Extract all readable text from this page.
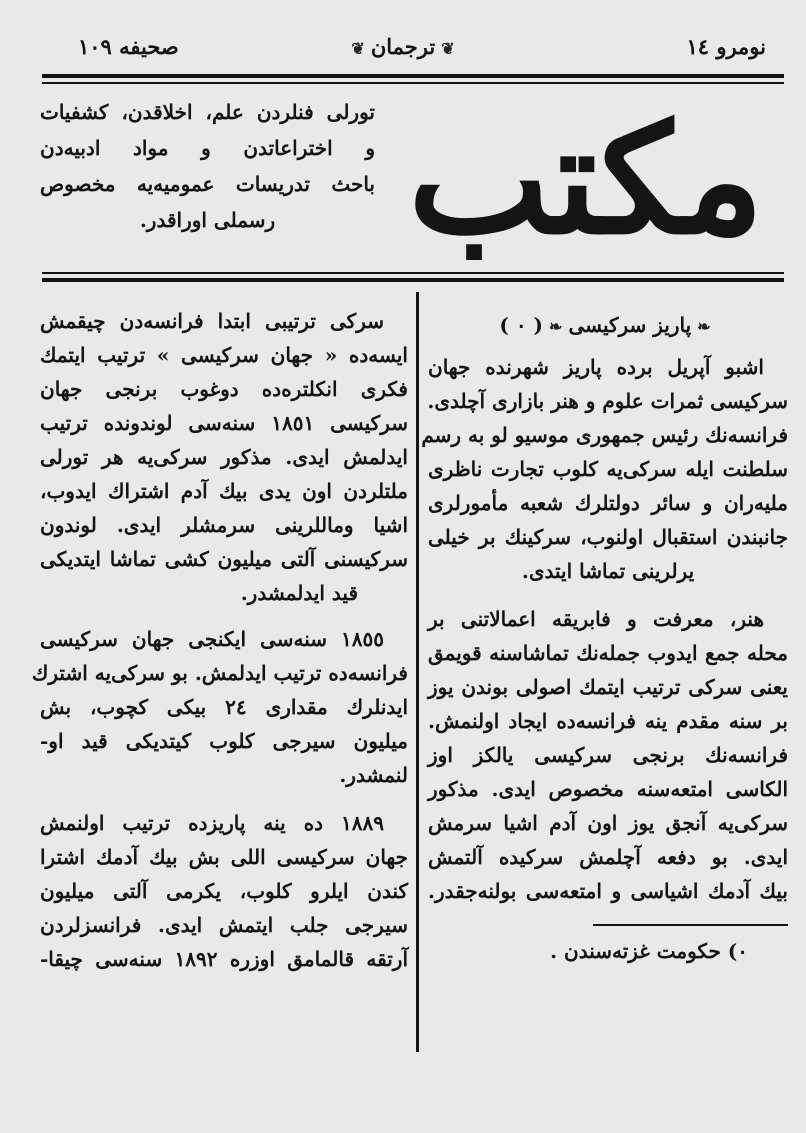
نومرو ١٤
❦ترجمان❦
صحيفه ١٠٩
مكتب
تورلی فنلردن علم، اخلاقدن، کشفیات
و اختراعاتدن و مواد ادبیه‌دن
باحث تدریسات عمومیه‌یه مخصوص
رسملی اوراقدر.
❧پاریز سرکیسی❧( ٠ )
اشبو آپریل برده پاریز شهرنده جهان
سرکیسی ثمرات علوم و هنر بازاری آچلدی.
فرانسه‌نك رئیس جمهوری موسیو لو به رسم
سلطنت ایله سرکی‌یه کلوب تجارت ناظری
ملیه‌ران و سائر دولتلرك شعبه مأمورلری
جانبندن استقبال اولنوب، سرکینك بر خیلی
یرلرینی تماشا ایتدی.
هنر، معرفت و فابریقه اعمالاتنی بر
محله جمع ایدوب جمله‌نك تماشاسنه قویمق
یعنی سرکی ترتیب ایتمك اصولی بوندن یوز
بر سنه مقدم ینه فرانسه‌ده ایجاد اولنمش.
فرانسه‌نك برنجی سرکیسی یالکز اوز
الکاسی امتعه‌سنه مخصوص ایدی. مذکور
سرکی‌یه آنجق یوز اون آدم اشیا سرمش
ایدی. بو دفعه آچلمش سرکیده آلتمش
بیك آدمك اشیاسی و امتعه‌سی بولنه‌جقدر.
٠) حکومت غزته‌سندن .
سرکی ترتیبی ابتدا فرانسه‌دن چیقمش
ایسه‌ده « جهان سرکیسی » ترتیب ایتمك
فکری انکلتره‌ده دوغوب برنجی جهان
سرکیسی ١٨٥١ سنه‌سی لوندونده ترتیب
ایدلمش ایدی. مذکور سرکی‌یه هر تورلی
ملتلردن اون یدی بیك آدم اشتراك ایدوب،
اشیا وماللرینی سرمشلر ایدی. لوندون
سرکیسنی آلتی میلیون کشی تماشا ایتدیکی
قید ایدلمشدر.
١٨٥٥ سنه‌سی ایکنجی جهان سرکیسی
فرانسه‌ده ترتیب ایدلمش. بو سرکی‌یه اشترك
ایدنلرك مقداری ٢٤ بیکی کچوب، بش
میلیون سیرجی کلوب کیتدیکی قید او-
لنمشدر.
١٨٨٩ ده ینه پاریزده ترتیب اولنمش
جهان سرکیسی اللی بش بیك آدمك اشترا
کندن ایلرو کلوب، یکرمی آلتی میلیون
سیرجی جلب ایتمش ایدی. فرانسزلردن
آرتقه قالمامق اوزره ١٨٩٢ سنه‌سی چیقا-
